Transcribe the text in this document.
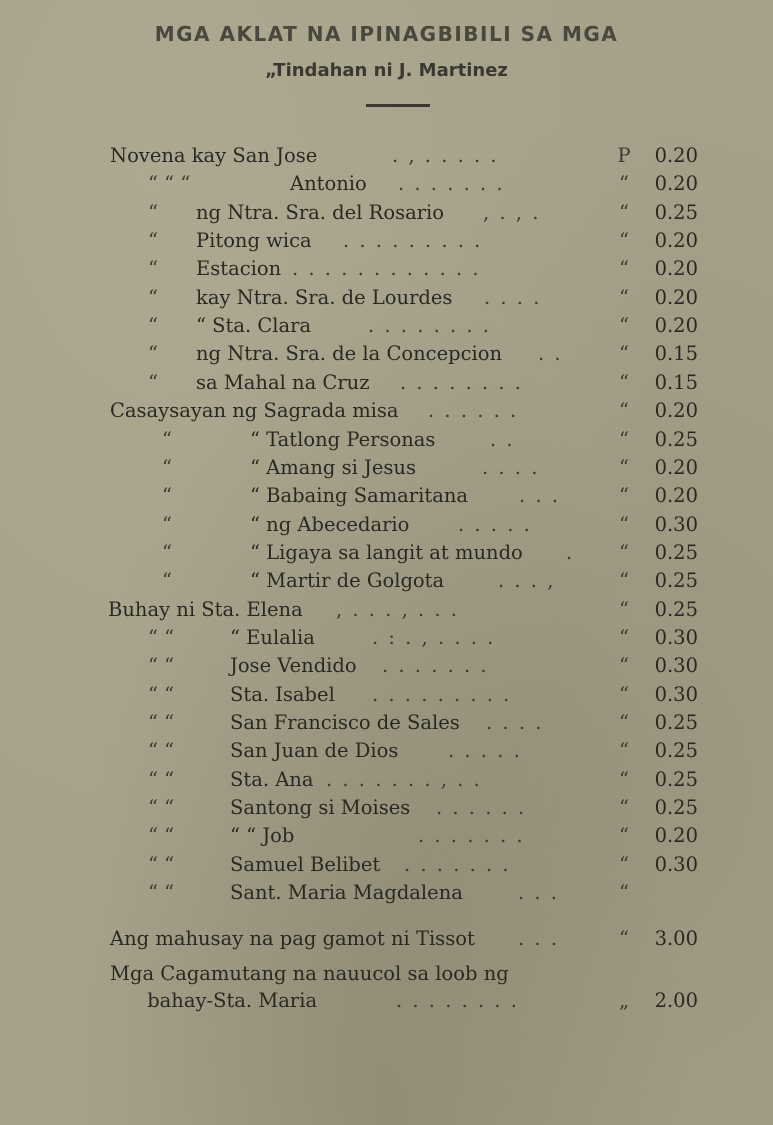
MGA AKLAT NA IPINAGBIBILI SA MGA
„Tindahan ni J. Martinez
Novena kay San Jose	. , . . . . .	P	0.20
“ “ “	Antonio . . . . . . .	“	0.20
“ ng Ntra. Sra. del Rosario , . , .	“	0.25
“ Pitong wica . . . . . . . . .	“	0.20
“ Estacion . . . . . . . . . . . .	“	0.20
“ kay Ntra. Sra. de Lourdes . . . .	“	0.20
“ “ Sta. Clara	. . . . . . . .	“	0.20
“ ng Ntra. Sra. de la Concepcion . .	“	0.15
“ sa Mahal na Cruz . . . . . . . .	“	0.15
Casaysayan ng Sagrada misa . . . . . .	“	0.20
“	“ Tatlong Personas	. .	“	0.25
“	“ Amang si Jesus	. . . .	“	0.20
“	“ Babaing Samaritana	. . .	“	0.20
“	“ ng Abecedario . . . . .	“	0.30
“	“ Ligaya sa langit at mundo .	“	0.25
“	“ Martir de Golgota	. . . ,	“	0.25
Buhay ni Sta. Elena , . . . , . . .	“	0.25
“ “	“ Eulalia	. : . , . . . .	“	0.30
“ “	Jose Vendido . . . . . . .	“	0.30
“ “	Sta. Isabel . . . . . . . . .	“	0.30
“ “	San Francisco de Sales . . . .	“	0.25
“ “	San Juan de Dios	. . . . .	“	0.25
“ “	Sta. Ana . . . . . . . , . .	“	0.25
“ “	Santong si Moises . . . . . .	“	0.25
“ “	“ “ Job	. . . . . . .	“	0.20
“ “	Samuel Belibet . . . . . . .	“	0.30
“ “	Sant. Maria Magdalena	. . .	“
Ang mahusay na pag gamot ni Tissot . . .	“	3.00
Mga Cagamutang na nauucol sa loob ng
bahay-Sta. Maria	. . . . . . . .	„	2.00
